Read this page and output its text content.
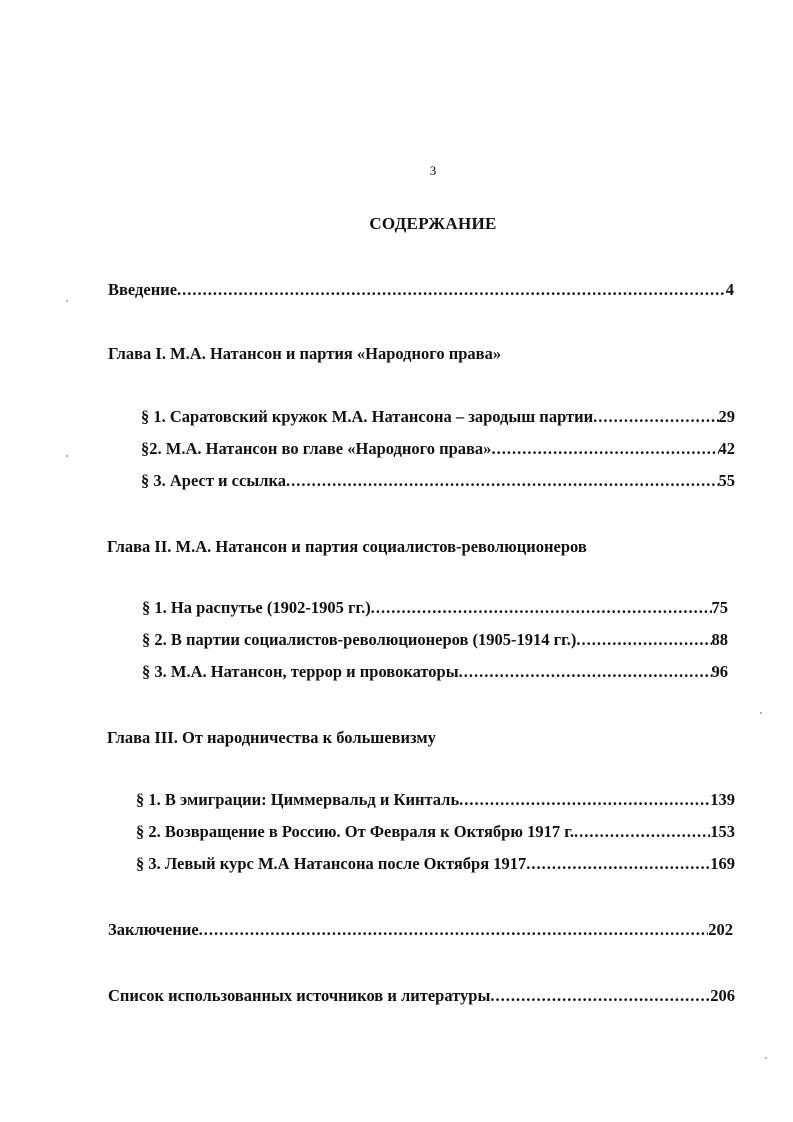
3
СОДЕРЖАНИЕ
Введение .....	4
Глава I. М.А. Натансон и партия «Народного права»
§ 1. Саратовский кружок М.А. Натансона – зародыш партии .....	29
§2. М.А. Натансон во главе «Народного права» .....	42
§ 3. Арест и ссылка .....	55
Глава II. М.А. Натансон и партия социалистов-революционеров
§ 1. На распутье (1902-1905 гг.) .....	75
§ 2. В партии социалистов-революционеров (1905-1914 гг.) .....	88
§ 3. М.А. Натансон, террор и провокаторы .....	96
Глава III. От народничества к большевизму
§ 1. В эмиграции: Циммервальд и Кинталь .....	139
§ 2. Возвращение в Россию. От Февраля к Октябрю 1917 г. .....	153
§ 3. Левый курс М.А Натансона после Октября 1917 .....	169
Заключение .....	202
Список использованных источников и литературы .....	206
